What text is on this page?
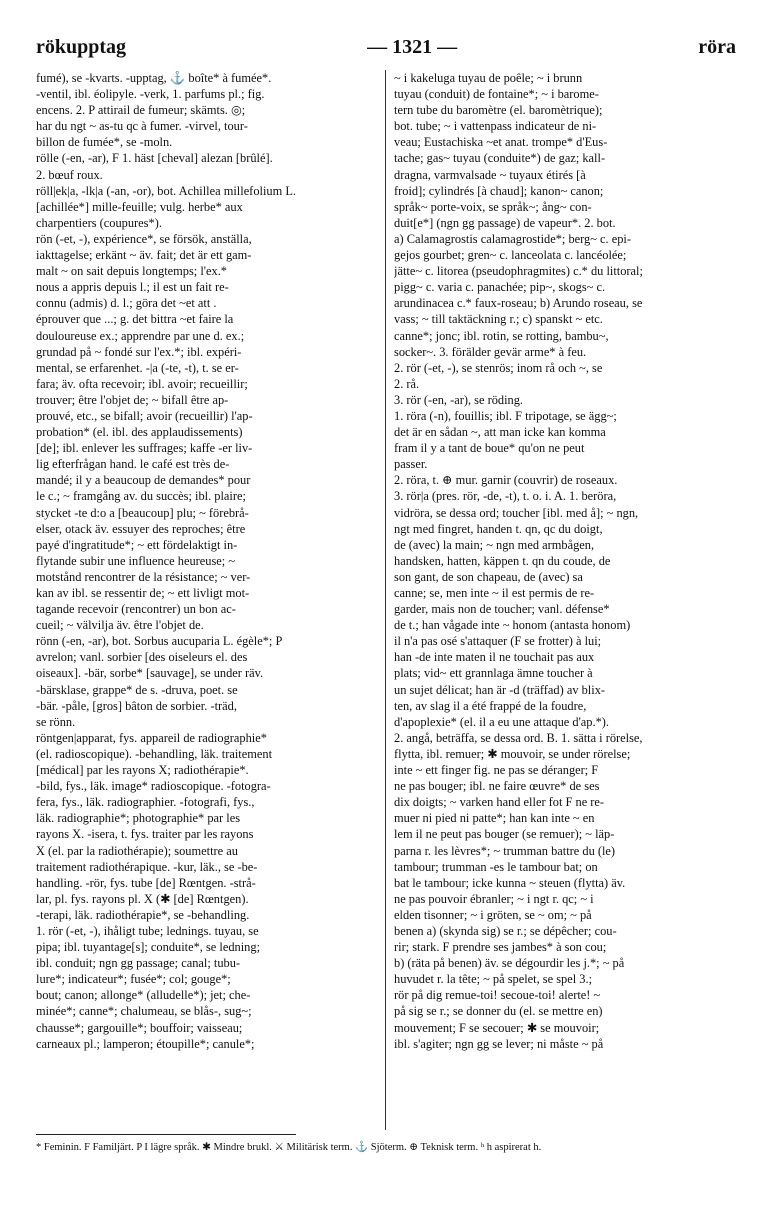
rökupptag	— 1321 —	röra
fumé), se -kvarts. -upptag, ⚓ boîte* à fumée*.
-ventil, ibl. éolipyle. -verk, 1. parfums pl.; fig.
encens. 2. P attirail de fumeur; skämts. ◎;
har du ngt ~ as-tu qc à fumer. -virvel, tour-
billon de fumée*, se -moln.
rölle (-en, -ar), F 1. häst [cheval] alezan [brûlé].
2. bœuf roux.
röll|ek|a, -lk|a (-an, -or), bot. Achillea millefolium L.
[achillée*] mille-feuille; vulg. herbe* aux
charpentiers (coupures*).
rön (-et, -), expérience*, se försök, anställa,
iakttagelse; erkänt ~ äv. fait; det är ett gam-
malt ~ on sait depuis longtemps; l'ex.*
nous a appris depuis l.; il est un fait re-
connu (admis) d. l.; göra det ~et att .
éprouver que ...; g. det bittra ~et faire la
douloureuse ex.; apprendre par une d. ex.;
grundad på ~ fondé sur l'ex.*; ibl. expéri-
mental, se erfarenhet. -|a (-te, -t), t. se er-
fara; äv. ofta recevoir; ibl. avoir; recueillir;
trouver; être l'objet de; ~ bifall être ap-
prouvé, etc., se bifall; avoir (recueillir) l'ap-
probation* (el. ibl. des applaudissements)
[de]; ibl. enlever les suffrages; kaffe -er liv-
lig efterfrågan hand. le café est très de-
mandé; il y a beaucoup de demandes* pour
le c.; ~ framgång av. du succès; ibl. plaire;
stycket -te d:o a [beaucoup] plu; ~ förebrå-
elser, otack äv. essuyer des reproches; être
payé d'ingratitude*; ~ ett fördelaktigt in-
flytande subir une influence heureuse; ~
motstånd rencontrer de la résistance; ~ ver-
kan av ibl. se ressentir de; ~ ett livligt mot-
tagande recevoir (rencontrer) un bon ac-
cueil; ~ välvilja äv. être l'objet de.
rönn (-en, -ar), bot. Sorbus aucuparia L. égèle*; P
avrelon; vanl. sorbier [des oiseleurs el. des
oiseaux]. -bär, sorbe* [sauvage], se under räv.
-bärsklase, grappe* de s. -druva, poet. se
-bär. -påle, [gros] bâton de sorbier. -träd,
se rönn.
röntgen|apparat, fys. appareil de radiographie*
(el. radioscopique). -behandling, läk. traitement
[médical] par les rayons X; radiothérapie*.
-bild, fys., läk. image* radioscopique. -fotogra-
fera, fys., läk. radiographier. -fotografi, fys.,
läk. radiographie*; photographie* par les
rayons X. -isera, t. fys. traiter par les rayons
X (el. par la radiothérapie); soumettre au
traitement radiothérapique. -kur, läk., se -be-
handling. -rör, fys. tube [de] Rœntgen. -strå-
lar, pl. fys. rayons pl. X (✱ [de] Rœntgen).
-terapi, läk. radiothérapie*, se -behandling.
1. rör (-et, -), ihåligt tube; lednings. tuyau, se
pipa; ibl. tuyantage[s]; conduite*, se ledning;
ibl. conduit; ngn gg passage; canal; tubu-
lure*; indicateur*; fusée*; col; gouge*;
bout; canon; allonge* (alludelle*); jet; che-
minée*; canne*; chalumeau, se blås-, sug~;
chausse*; gargouille*; bouffoir; vaisseau;
carneaux pl.; lamperon; étoupille*; canule*;
~ i kakeluga tuyau de poêle; ~ i brunn
tuyau (conduit) de fontaine*; ~ i barome-
tern tube du baromètre (el. baromètrique);
bot. tube; ~ i vattenpass indicateur de ni-
veau; Eustachiska ~et anat. trompe* d'Eus-
tache; gas~ tuyau (conduite*) de gaz; kall-
dragna, varmvalsade ~ tuyaux étirés [à
froid]; cylindrés [à chaud]; kanon~ canon;
språk~ porte-voix, se språk~; ång~ con-
duit[e*] (ngn gg passage) de vapeur*. 2. bot.
a) Calamagrostis calamagrostide*; berg~ c. epi-
gejos gourbet; gren~ c. lanceolata c. lancéolée;
jätte~ c. litorea (pseudophragmites) c.* du littoral;
pigg~ c. varia c. panachée; pip~, skogs~ c.
arundinacea c.* faux-roseau; b) Arundo roseau, se
vass; ~ till taktäckning r.; c) spanskt ~ etc.
canne*; jonc; ibl. rotin, se rotting, bambu~,
socker~. 3. förälder gevär arme* à feu.
2. rör (-et, -), se stenrös; inom rå och ~, se
2. rå.
3. rör (-en, -ar), se röding.
1. röra (-n), fouillis; ibl. F tripotage, se ägg~;
det är en sådan ~, att man icke kan komma
fram il y a tant de boue* qu'on ne peut
passer.
2. röra, t. ⊕ mur. garnir (couvrir) de roseaux.
3. rör|a (pres. rör, -de, -t), t. o. i. A. 1. beröra,
vidröra, se dessa ord; toucher [ibl. med å]; ~ ngn,
ngt med fingret, handen t. qn, qc du doigt,
de (avec) la main; ~ ngn med armbågen,
handsken, hatten, käppen t. qn du coude, de
son gant, de son chapeau, de (avec) sa
canne; se, men inte ~ il est permis de re-
garder, mais non de toucher; vanl. défense*
de t.; han vågade inte ~ honom (antasta honom)
il n'a pas osé s'attaquer (F se frotter) à lui;
han -de inte maten il ne touchait pas aux
plats; vid~ ett grannlaga ämne toucher à
un sujet délicat; han är -d (träffad) av blix-
ten, av slag il a été frappé de la foudre,
d'apoplexie* (el. il a eu une attaque d'ap.*).
2. angå, beträffa, se dessa ord. B. 1. sätta i rörelse,
flytta, ibl. remuer; ✱ mouvoir, se under rörelse;
inte ~ ett finger fig. ne pas se déranger; F
ne pas bouger; ibl. ne faire œuvre* de ses
dix doigts; ~ varken hand eller fot F ne re-
muer ni pied ni patte*; han kan inte ~ en
lem il ne peut pas bouger (se remuer); ~ läp-
parna r. les lèvres*; ~ trumman battre du (le)
tambour; trumman -es le tambour bat; on
bat le tambour; icke kunna ~ steuen (flytta) äv.
ne pas pouvoir ébranler; ~ i ngt r. qc; ~ i
elden tisonner; ~ i gröten, se ~ om; ~ på
benen a) (skynda sig) se r.; se dépêcher; cou-
rir; stark. F prendre ses jambes* à son cou;
b) (räta på benen) äv. se dégourdir les j.*; ~ på
huvudet r. la tête; ~ på spelet, se spel 3.;
rör på dig remue-toi! secoue-toi! alerte! ~
på sig se r.; se donner du (el. se mettre en)
mouvement; F se secouer; ✱ se mouvoir;
ibl. s'agiter; ngn gg se lever; ni måste ~ på
* Feminin. F Familjärt. P I lägre språk. ✱ Mindre brukl. ⚔ Militärisk term. ⚓ Sjöterm. ⊕ Teknisk term. ʰ h aspirerat h.
